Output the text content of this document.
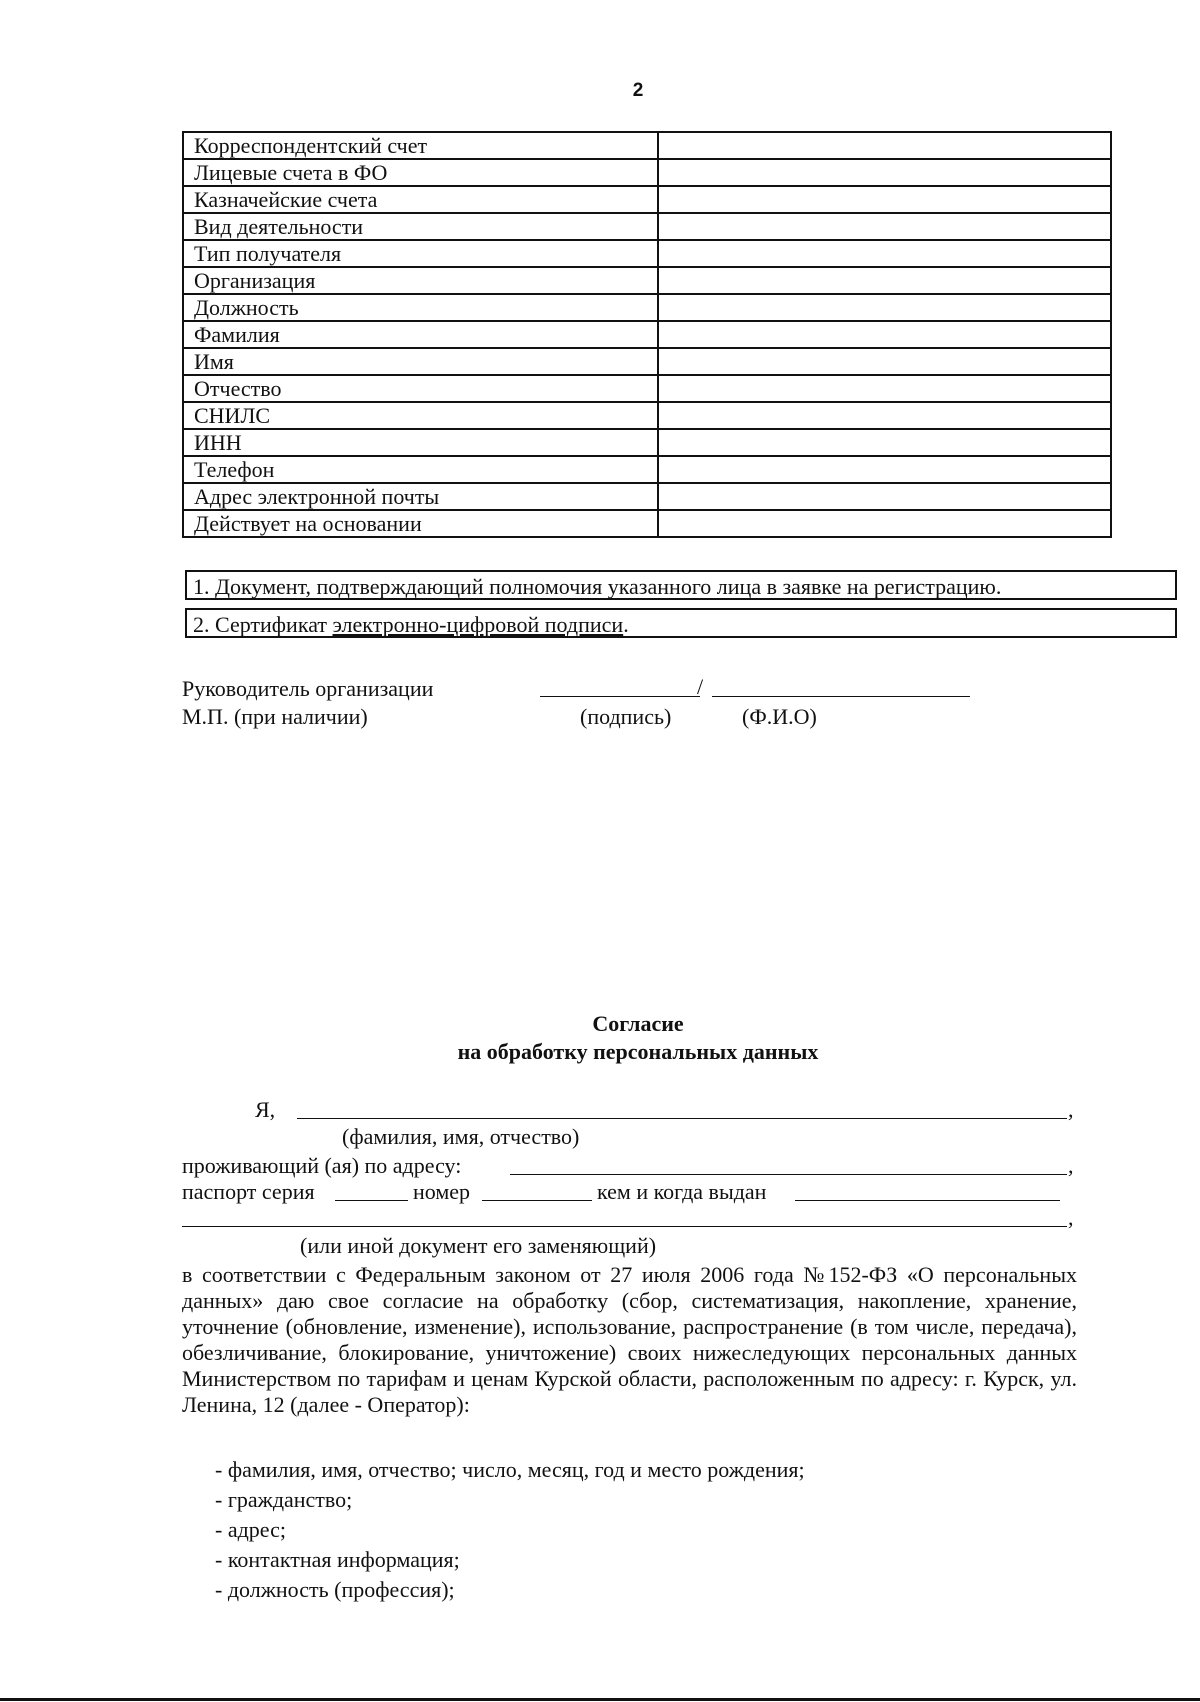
2
Корреспондентский счет	
Лицевые счета в ФО	
Казначейские счета	
Вид деятельности	
Тип получателя	
Организация	
Должность	
Фамилия	
Имя	
Отчество	
СНИЛС	
ИНН	
Телефон	
Адрес электронной почты	
Действует на основании	
1. Документ, подтверждающий полномочия указанного лица в заявке на регистрацию.
2. Сертификат электронно-цифровой подписи.
Руководитель организации
М.П. (при наличии)
/
(подпись)	(Ф.И.О)
Согласие
на обработку персональных данных
Я,	,
(фамилия, имя, отчество)
проживающий (ая) по адресу:	,
паспорт серия	номер	кем и когда выдан
,
(или иной документ его заменяющий)
в соответствии с Федеральным законом от 27 июля 2006 года №152-ФЗ «О персональных данных» даю свое согласие на обработку (сбор, систематизация, накопление, хранение, уточнение (обновление, изменение), использование, распространение (в том числе, передача), обезличивание, блокирование, уничтожение) своих нижеследующих персональных данных Министерством по тарифам и ценам Курской области, расположенным по адресу: г. Курск, ул. Ленина, 12 (далее - Оператор):
- фамилия, имя, отчество; число, месяц, год и место рождения;
- гражданство;
- адрес;
- контактная информация;
- должность (профессия);
